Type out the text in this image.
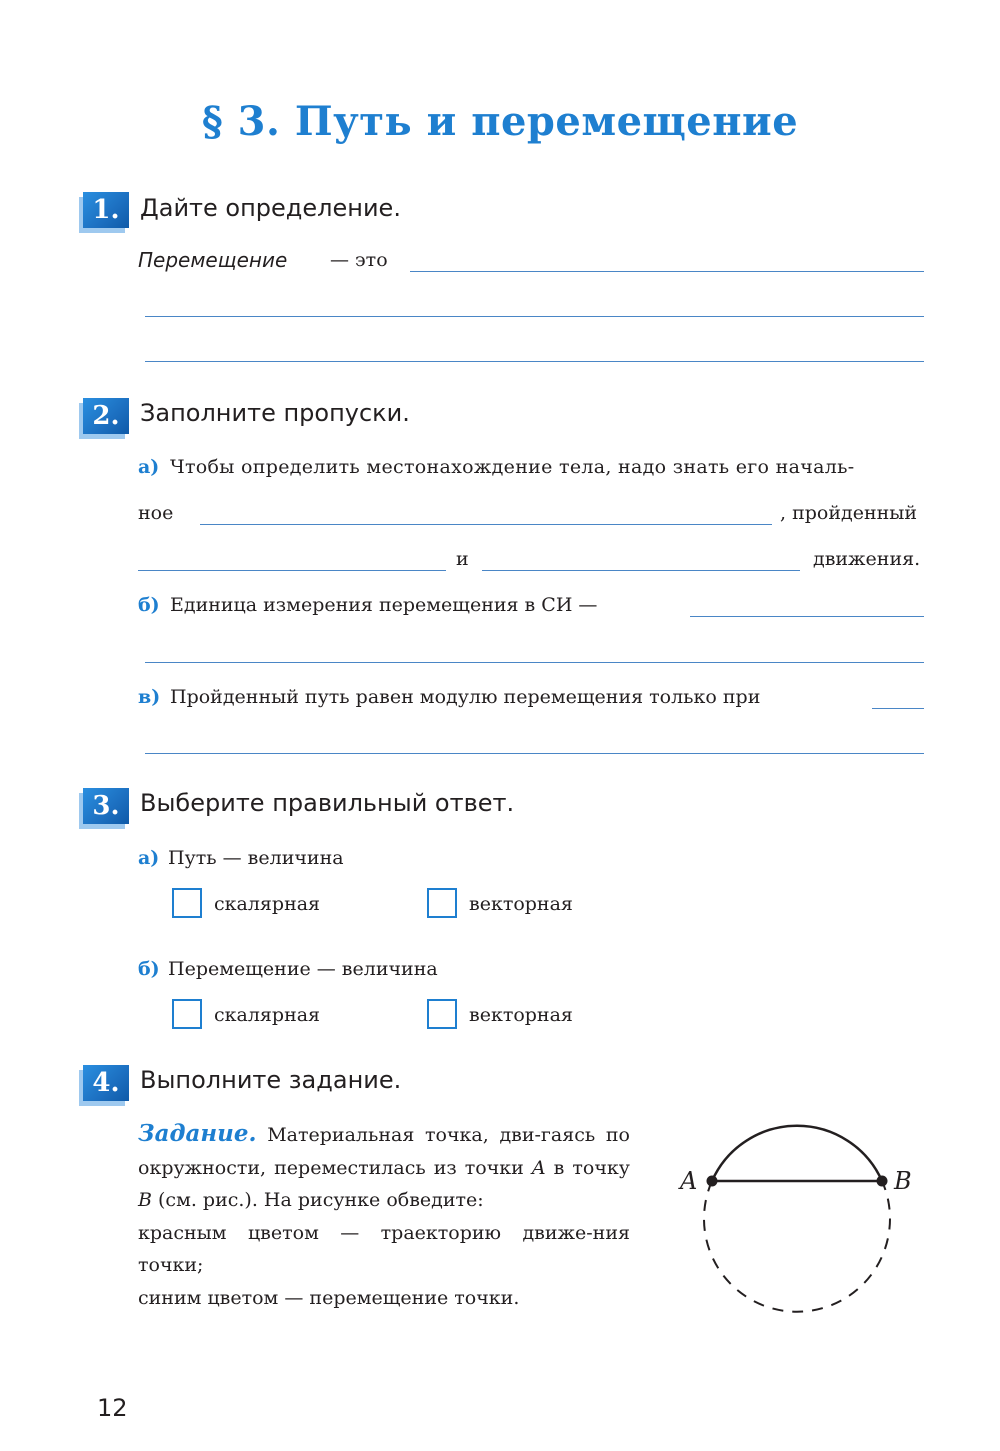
§ 3. Путь и перемещение
1. Дайте определение.
Перемещение — это
2. Заполните пропуски.
а) Чтобы определить местонахождение тела, надо знать его началь-
ное	, пройденный
и	движения.
б) Единица измерения перемещения в СИ —
в) Пройденный путь равен модулю перемещения только при
3. Выберите правильный ответ.
а) Путь — величина
скалярная	векторная
б) Перемещение — величина
скалярная	векторная
4. Выполните задание.
Задание. Материальная точка, дви-гаясь по окружности, переместилась из точки A в точку B (см. рис.). На рисунке обведите:
красным цветом — траекторию движе-ния точки;
синим цветом — перемещение точки.
A	B
12
